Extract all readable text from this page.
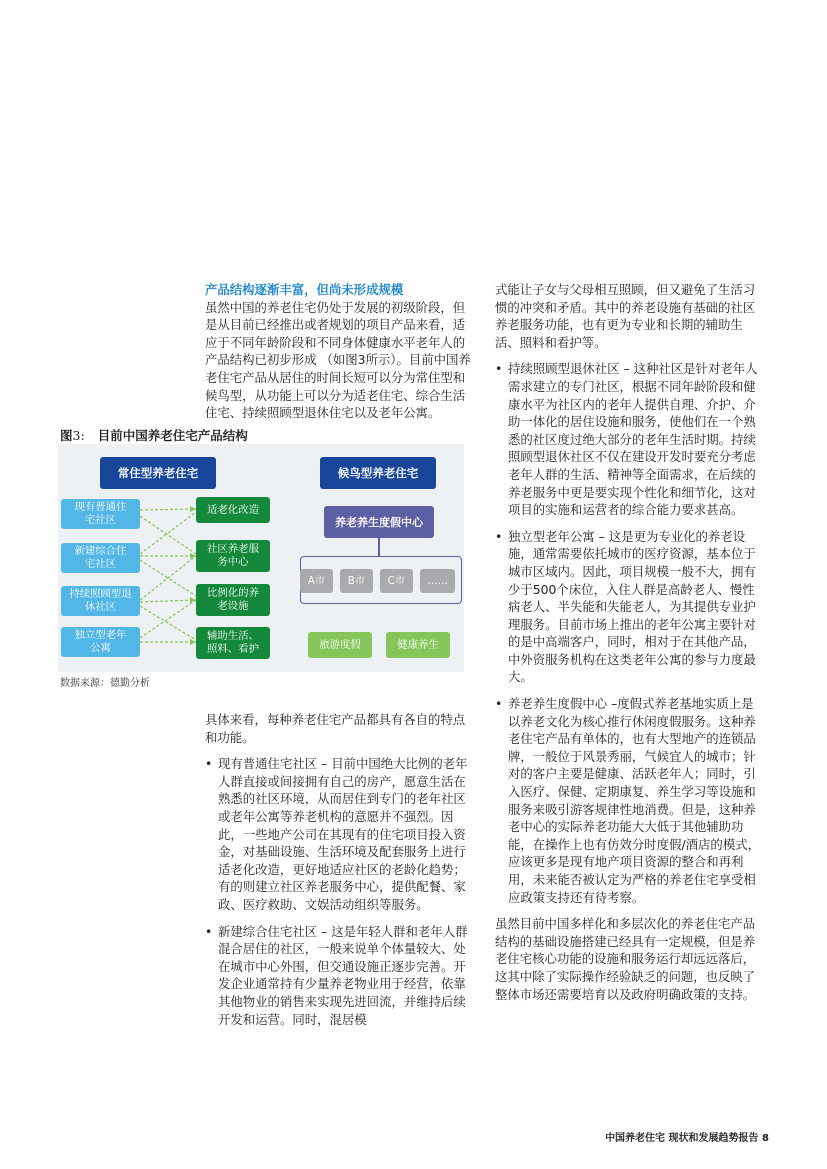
产品结构逐渐丰富，但尚未形成规模

虽然中国的养老住宅仍处于发展的初级阶段，但是从目前已经推出或者规划的项目产品来看，适应于不同年龄阶段和不同身体健康水平老年人的产品结构已初步形成 （如图3所示）。目前中国养老住宅产品从居住的时间长短可以分为常住型和候鸟型，从功能上可以分为适老住宅、综合生活住宅、持续照顾型退休住宅以及老年公寓。

图3: 目前中国养老住宅产品结构
常住型养老住宅	候鸟型养老住宅
现有普通住宅社区
新建综合住宅社区
持续照顾型退休社区
独立型老年公寓
适老化改造
社区养老服务中心
比例化的养老设施
辅助生活、照料、看护
养老养生度假中心
A市	B市	C市	……
旅游度假	健康养生
数据来源：德勤分析

具体来看，每种养老住宅产品都具有各自的特点和功能。

• 现有普通住宅社区 – 目前中国绝大比例的老年人群直接或间接拥有自己的房产，愿意生活在熟悉的社区环境，从而居住到专门的老年社区或老年公寓等养老机构的意愿并不强烈。因此，一些地产公司在其现有的住宅项目投入资金，对基础设施、生活环境及配套服务上进行适老化改造，更好地适应社区的老龄化趋势；有的则建立社区养老服务中心，提供配餐、家政、医疗救助、文娱活动组织等服务。

• 新建综合住宅社区 – 这是年轻人群和老年人群混合居住的社区，一般来说单个体量较大、处在城市中心外围，但交通设施正逐步完善。开发企业通常持有少量养老物业用于经营，依靠其他物业的销售来实现先进回流，并维持后续开发和运营。同时，混居模

式能让子女与父母相互照顾，但又避免了生活习惯的冲突和矛盾。其中的养老设施有基础的社区养老服务功能，也有更为专业和长期的辅助生活、照料和看护等。

• 持续照顾型退休社区 – 这种社区是针对老年人需求建立的专门社区，根据不同年龄阶段和健康水平为社区内的老年人提供自理、介护、介助一体化的居住设施和服务，使他们在一个熟悉的社区度过绝大部分的老年生活时期。持续照顾型退休社区不仅在建设开发时要充分考虑老年人群的生活、精神等全面需求，在后续的养老服务中更是要实现个性化和细节化，这对项目的实施和运营者的综合能力要求甚高。

• 独立型老年公寓 – 这是更为专业化的养老设施，通常需要依托城市的医疗资源，基本位于城市区域内。因此，项目规模一般不大，拥有少于500个床位，入住人群是高龄老人、慢性病老人、半失能和失能老人，为其提供专业护理服务。目前市场上推出的老年公寓主要针对的是中高端客户，同时，相对于在其他产品，中外资服务机构在这类老年公寓的参与力度最大。

• 养老养生度假中心 –度假式养老基地实质上是以养老文化为核心推行休闲度假服务。这种养老住宅产品有单体的，也有大型地产的连锁品牌，一般位于风景秀丽，气候宜人的城市；针对的客户主要是健康、活跃老年人；同时，引入医疗、保健、定期康复、养生学习等设施和服务来吸引游客规律性地消费。但是，这种养老中心的实际养老功能大大低于其他辅助功能，在操作上也有仿效分时度假/酒店的模式，应该更多是现有地产项目资源的整合和再利用，未来能否被认定为严格的养老住宅享受相应政策支持还有待考察。

虽然目前中国多样化和多层次化的养老住宅产品结构的基础设施搭建已经具有一定规模，但是养老住宅核心功能的设施和服务运行却远远落后，这其中除了实际操作经验缺乏的问题，也反映了整体市场还需要培育以及政府明确政策的支持。

中国养老住宅 现状和发展趋势报告 8
